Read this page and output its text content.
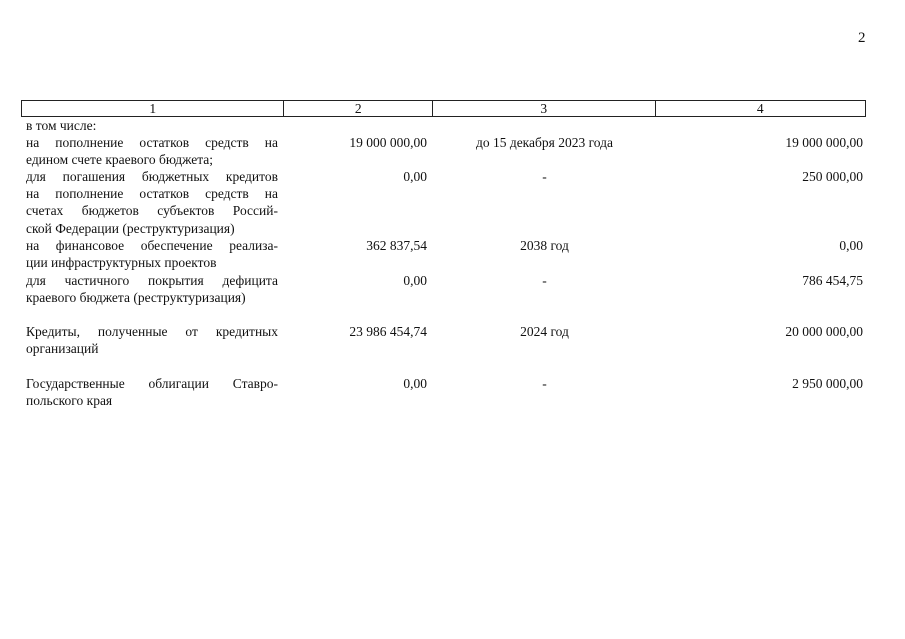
2
1	2	3	4
в том числе:
на пополнение остатков средств на
едином счете краевого бюджета;
19 000 000,00	до 15 декабря 2023 года	19 000 000,00
для погашения бюджетных кредитов
на пополнение остатков средств на
счетах бюджетов субъектов Россий-
ской Федерации (реструктуризация)
0,00	-	250 000,00
на финансовое обеспечение реализа-
ции инфраструктурных проектов
362 837,54	2038 год	0,00
для частичного покрытия дефицита
краевого бюджета (реструктуризация)
0,00	-	786 454,75
Кредиты, полученные от кредитных
организаций
23 986 454,74	2024 год	20 000 000,00
Государственные облигации Ставро-
польского края
0,00	-	2 950 000,00
